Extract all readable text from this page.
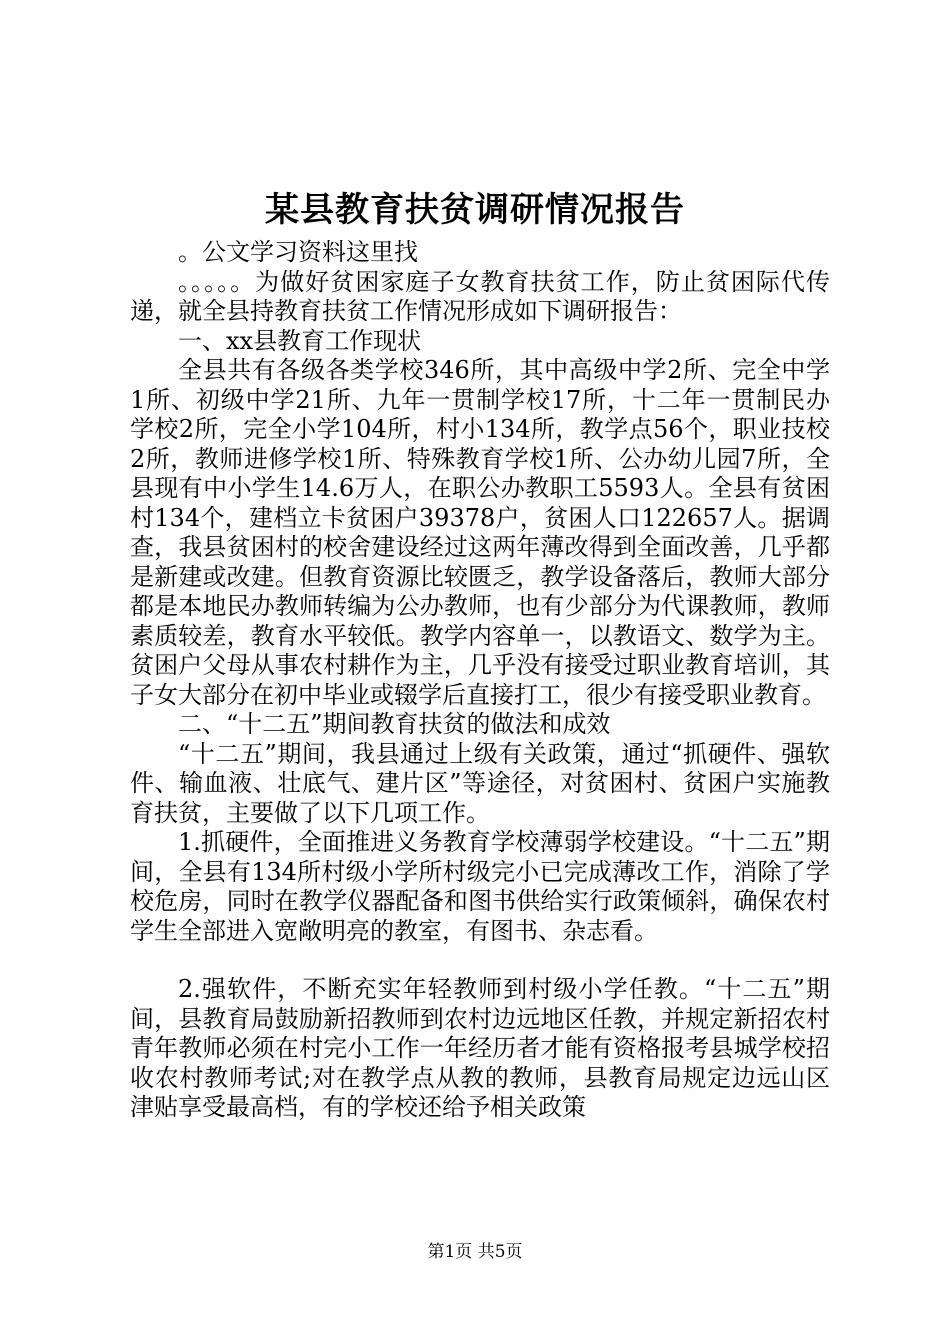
某县教育扶贫调研情况报告

。公文学习资料这里找

。。。。。为做好贫困家庭子女教育扶贫工作，防止贫困际代传递，就全县持教育扶贫工作情况形成如下调研报告：

一、xx县教育工作现状

全县共有各级各类学校346所，其中高级中学2所、完全中学1所、初级中学21所、九年一贯制学校17所，十二年一贯制民办学校2所，完全小学104所，村小134所，教学点56个，职业技校2所，教师进修学校1所、特殊教育学校1所、公办幼儿园7所，全县现有中小学生14.6万人，在职公办教职工5593人。全县有贫困村134个，建档立卡贫困户39378户，贫困人口122657人。据调查，我县贫困村的校舍建设经过这两年薄改得到全面改善，几乎都是新建或改建。但教育资源比较匮乏，教学设备落后，教师大部分都是本地民办教师转编为公办教师，也有少部分为代课教师，教师素质较差，教育水平较低。教学内容单一，以教语文、数学为主。贫困户父母从事农村耕作为主，几乎没有接受过职业教育培训，其子女大部分在初中毕业或辍学后直接打工，很少有接受职业教育。

二、“十二五”期间教育扶贫的做法和成效

“十二五”期间，我县通过上级有关政策，通过“抓硬件、强软件、输血液、壮底气、建片区”等途径，对贫困村、贫困户实施教育扶贫，主要做了以下几项工作。

1.抓硬件，全面推进义务教育学校薄弱学校建设。“十二五”期间，全县有134所村级小学所村级完小已完成薄改工作，消除了学校危房，同时在教学仪器配备和图书供给实行政策倾斜，确保农村学生全部进入宽敞明亮的教室，有图书、杂志看。

2.强软件，不断充实年轻教师到村级小学任教。“十二五”期间，县教育局鼓励新招教师到农村边远地区任教，并规定新招农村青年教师必须在村完小工作一年经历者才能有资格报考县城学校招收农村教师考试;对在教学点从教的教师，县教育局规定边远山区津贴享受最高档，有的学校还给予相关政策

第1页 共5页
